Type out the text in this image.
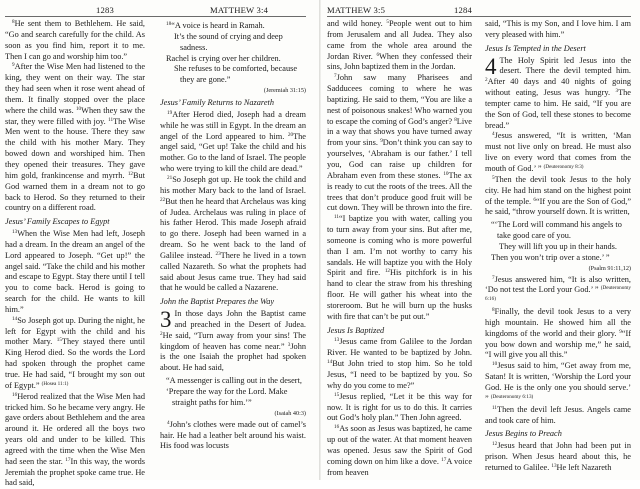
1283	MATTHEW 3:4
$^8$He sent them to Bethlehem. He said, “Go and search carefully for the child. As soon as you find him, report it to me. Then I can go and worship him too.”
$^9$After the Wise Men had listened to the king, they went on their way. The star they had seen when it rose went ahead of them. It finally stopped over the place where the child was. $^{10}$When they saw the star, they were filled with joy. $^{11}$The Wise Men went to the house. There they saw the child with his mother Mary. They bowed down and worshiped him. Then they opened their treasures. They gave him gold, frankincense and myrrh. $^{12}$But God warned them in a dream not to go back to Herod. So they returned to their country on a different road.
Jesus’ Family Escapes to Egypt
$^{13}$When the Wise Men had left, Joseph had a dream. In the dream an angel of the Lord appeared to Joseph. “Get up!” the angel said. “Take the child and his mother and escape to Egypt. Stay there until I tell you to come back. Herod is going to search for the child. He wants to kill him.”
$^{14}$So Joseph got up. During the night, he left for Egypt with the child and his mother Mary. $^{15}$They stayed there until King Herod died. So the words the Lord had spoken through the prophet came true. He had said, “I brought my son out of Egypt.” $^{(Hosea 11:1)}$
$^{16}$Herod realized that the Wise Men had tricked him. So he became very angry. He gave orders about Bethlehem and the area around it. He ordered all the boys two years old and under to be killed. This agreed with the time when the Wise Men had seen the star. $^{17}$In this way, the words Jeremiah the prophet spoke came true. He had said,
$^{18}$“A voice is heard in Ramah.
It’s the sound of crying and deep sadness.
Rachel is crying over her children.
She refuses to be comforted, because they are gone.”
(Jeremiah 31:15)
Jesus’ Family Returns to Nazareth
$^{19}$After Herod died, Joseph had a dream while he was still in Egypt. In the dream an angel of the Lord appeared to him. $^{20}$The angel said, “Get up! Take the child and his mother. Go to the land of Israel. The people who were trying to kill the child are dead.”
$^{21}$So Joseph got up. He took the child and his mother Mary back to the land of Israel. $^{22}$But then he heard that Archelaus was king of Judea. Archelaus was ruling in place of his father Herod. This made Joseph afraid to go there. Joseph had been warned in a dream. So he went back to the land of Galilee instead. $^{23}$There he lived in a town called Nazareth. So what the prophets had said about Jesus came true. They had said that he would be called a Nazarene.
John the Baptist Prepares the Way
3 In those days John the Baptist came and preached in the Desert of Judea. $^2$He said, “Turn away from your sins! The kingdom of heaven has come near.” $^3$John is the one Isaiah the prophet had spoken about. He had said,
“A messenger is calling out in the desert,
‘Prepare the way for the Lord. Make straight paths for him.’”
(Isaiah 40:3)
$^4$John’s clothes were made out of camel’s hair. He had a leather belt around his waist. His food was locusts
MATTHEW 3:5	1284
and wild honey. $^5$People went out to him from Jerusalem and all Judea. They also came from the whole area around the Jordan River. $^6$When they confessed their sins, John baptized them in the Jordan.
$^7$John saw many Pharisees and Sadducees coming to where he was baptizing. He said to them, “You are like a nest of poisonous snakes! Who warned you to escape the coming of God’s anger? $^8$Live in a way that shows you have turned away from your sins. $^9$Don’t think you can say to yourselves, ‘Abraham is our father.’ I tell you, God can raise up children for Abraham even from these stones. $^{10}$The ax is ready to cut the roots of the trees. All the trees that don’t produce good fruit will be cut down. They will be thrown into the fire.
$^{11}$“I baptize you with water, calling you to turn away from your sins. But after me, someone is coming who is more powerful than I am. I’m not worthy to carry his sandals. He will baptize you with the Holy Spirit and fire. $^{12}$His pitchfork is in his hand to clear the straw from his threshing floor. He will gather his wheat into the storeroom. But he will burn up the husks with fire that can’t be put out.”
Jesus Is Baptized
$^{13}$Jesus came from Galilee to the Jordan River. He wanted to be baptized by John. $^{14}$But John tried to stop him. So he told Jesus, “I need to be baptized by you. So why do you come to me?”
$^{15}$Jesus replied, “Let it be this way for now. It is right for us to do this. It carries out God’s holy plan.” Then John agreed.
$^{16}$As soon as Jesus was baptized, he came up out of the water. At that moment heaven was opened. Jesus saw the Spirit of God coming down on him like a dove. $^{17}$A voice from heaven
said, “This is my Son, and I love him. I am very pleased with him.”
Jesus Is Tempted in the Desert
4 The Holy Spirit led Jesus into the desert. There the devil tempted him. $^2$After 40 days and 40 nights of going without eating, Jesus was hungry. $^3$The tempter came to him. He said, “If you are the Son of God, tell these stones to become bread.”
$^4$Jesus answered, “It is written, ‘Man must not live only on bread. He must also live on every word that comes from the mouth of God.’ ” $^{(Deuteronomy 8:3)}$
$^5$Then the devil took Jesus to the holy city. He had him stand on the highest point of the temple. $^6$“If you are the Son of God,” he said, “throw yourself down. It is written,
“‘The Lord will command his angels to take good care of you.
They will lift you up in their hands.
Then you won’t trip over a stone.’ ”
(Psalm 91:11,12)
$^7$Jesus answered him, “It is also written, ‘Do not test the Lord your God.’ ” $^{(Deuteronomy 6:16)}$
$^8$Finally, the devil took Jesus to a very high mountain. He showed him all the kingdoms of the world and their glory. $^9$“If you bow down and worship me,” he said, “I will give you all this.”
$^{10}$Jesus said to him, “Get away from me, Satan! It is written, ‘Worship the Lord your God. He is the only one you should serve.’ ” $^{(Deuteronomy 6:13)}$
$^{11}$Then the devil left Jesus. Angels came and took care of him.
Jesus Begins to Preach
$^{12}$Jesus heard that John had been put in prison. When Jesus heard about this, he returned to Galilee. $^{13}$He left Nazareth
